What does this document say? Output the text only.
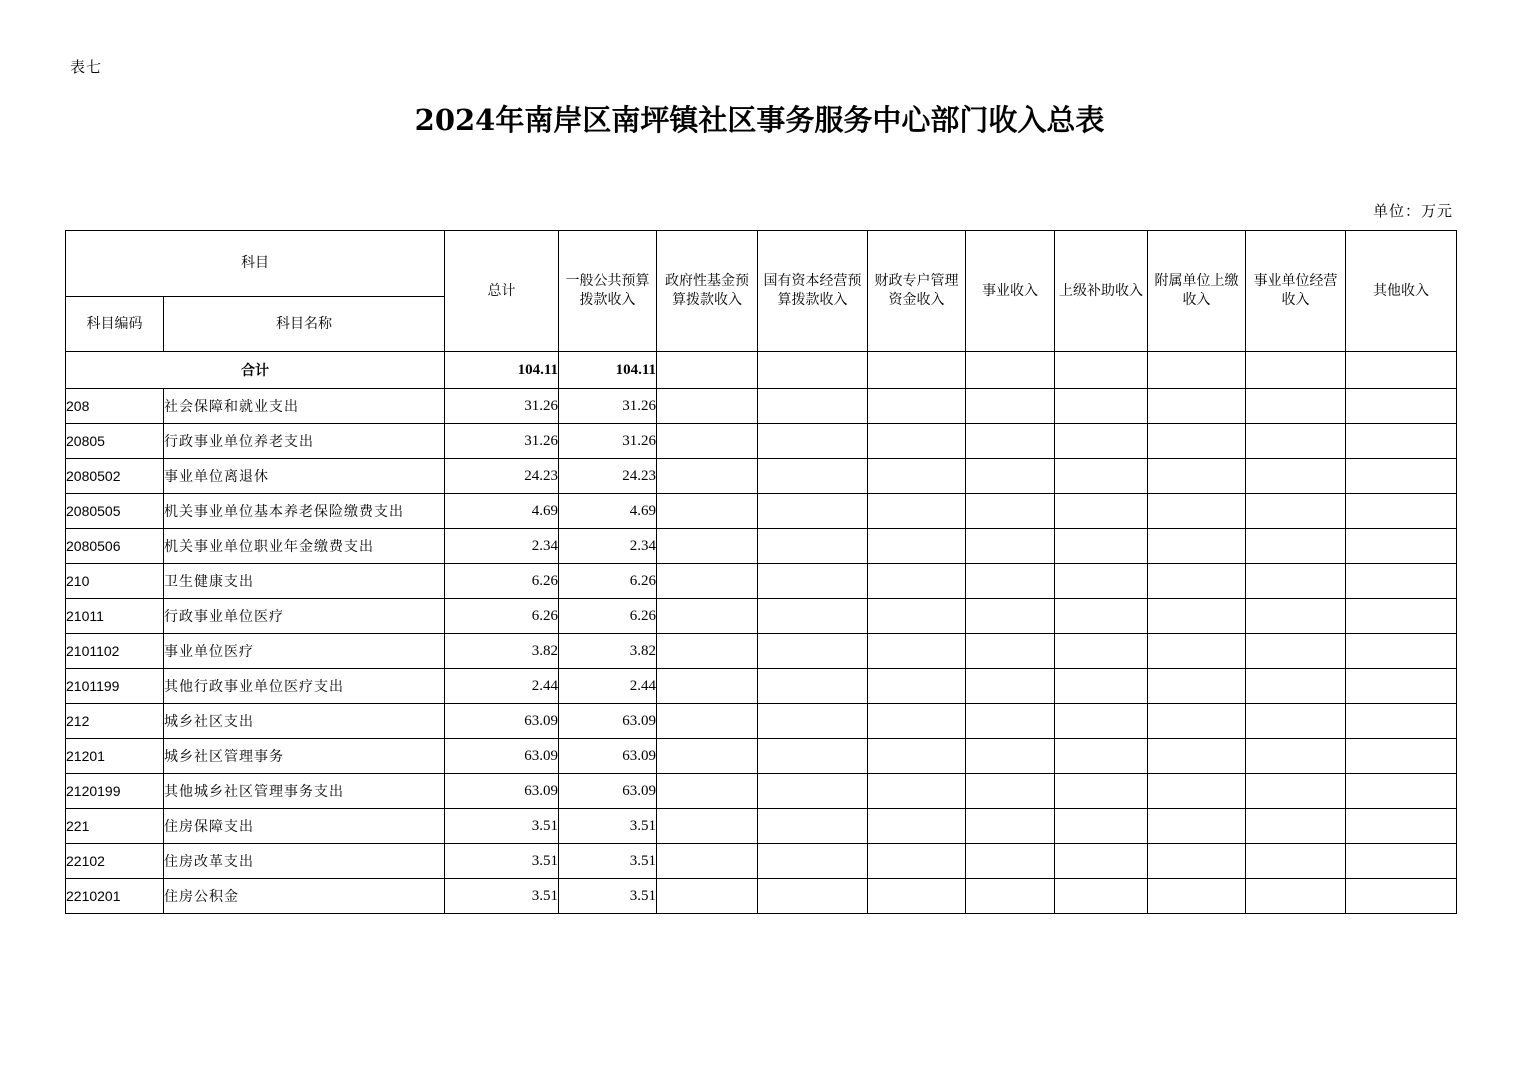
表七
2024年南岸区南坪镇社区事务服务中心部门收入总表
单位：万元
科目		总计	一般公共预算拨款收入	政府性基金预算拨款收入	国有资本经营预算拨款收入	财政专户管理资金收入	事业收入	上级补助收入	附属单位上缴收入	事业单位经营收入	其他收入
科目编码	科目名称										
合计		104.11	104.11								
208	社会保障和就业支出	31.26	31.26								
20805	行政事业单位养老支出	31.26	31.26								
2080502	事业单位离退休	24.23	24.23								
2080505	机关事业单位基本养老保险缴费支出	4.69	4.69								
2080506	机关事业单位职业年金缴费支出	2.34	2.34								
210	卫生健康支出	6.26	6.26								
21011	行政事业单位医疗	6.26	6.26								
2101102	事业单位医疗	3.82	3.82								
2101199	其他行政事业单位医疗支出	2.44	2.44								
212	城乡社区支出	63.09	63.09								
21201	城乡社区管理事务	63.09	63.09								
2120199	其他城乡社区管理事务支出	63.09	63.09								
221	住房保障支出	3.51	3.51								
22102	住房改革支出	3.51	3.51								
2210201	住房公积金	3.51	3.51								
